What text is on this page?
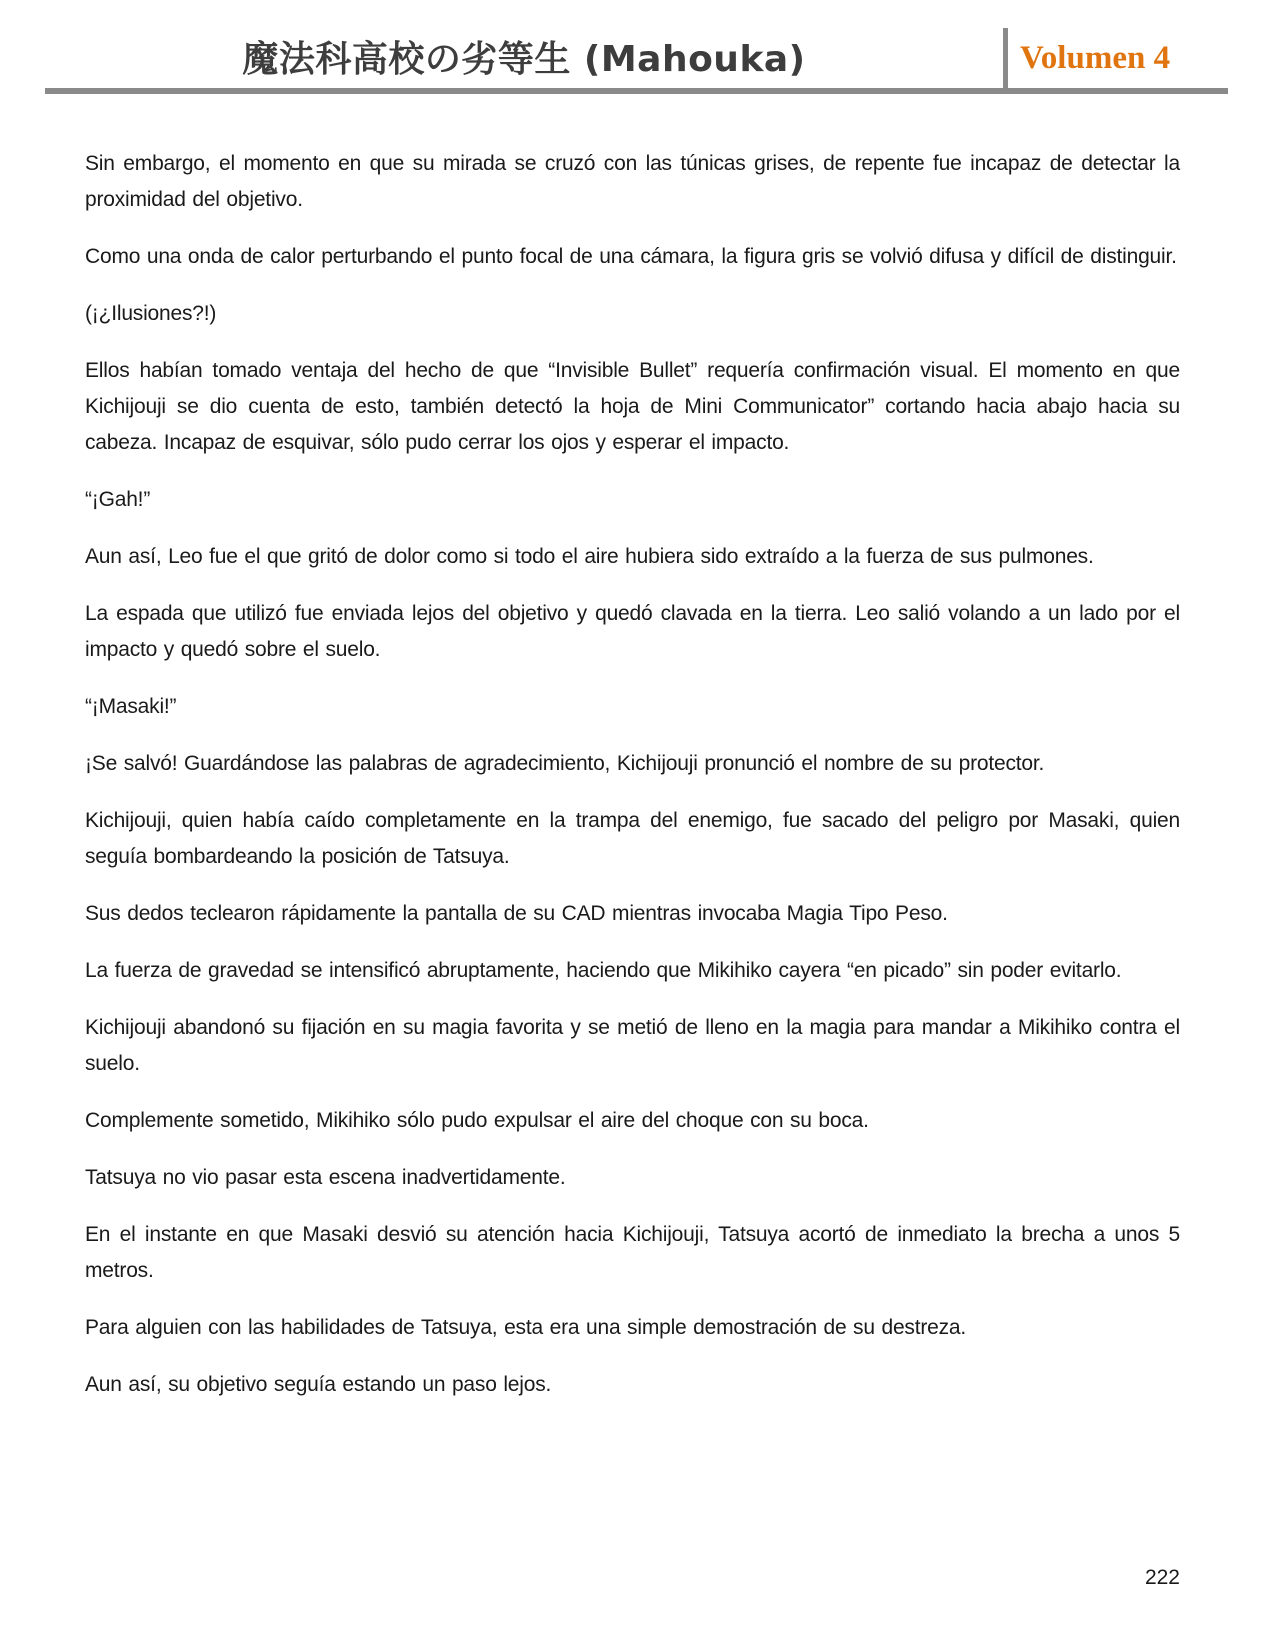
魔法科高校の劣等生 (Mahouka)	Volumen 4

Sin embargo, el momento en que su mirada se cruzó con las túnicas grises, de repente fue incapaz de detectar la proximidad del objetivo.

Como una onda de calor perturbando el punto focal de una cámara, la figura gris se volvió difusa y difícil de distinguir.

(¡¿Ilusiones?!)

Ellos habían tomado ventaja del hecho de que “Invisible Bullet” requería confirmación visual. El momento en que Kichijouji se dio cuenta de esto, también detectó la hoja de Mini Communicator” cortando hacia abajo hacia su cabeza. Incapaz de esquivar, sólo pudo cerrar los ojos y esperar el impacto.

“¡Gah!”

Aun así, Leo fue el que gritó de dolor como si todo el aire hubiera sido extraído a la fuerza de sus pulmones.

La espada que utilizó fue enviada lejos del objetivo y quedó clavada en la tierra. Leo salió volando a un lado por el impacto y quedó sobre el suelo.

“¡Masaki!”

¡Se salvó! Guardándose las palabras de agradecimiento, Kichijouji pronunció el nombre de su protector.

Kichijouji, quien había caído completamente en la trampa del enemigo, fue sacado del peligro por Masaki, quien seguía bombardeando la posición de Tatsuya.

Sus dedos teclearon rápidamente la pantalla de su CAD mientras invocaba Magia Tipo Peso.

La fuerza de gravedad se intensificó abruptamente, haciendo que Mikihiko cayera “en picado” sin poder evitarlo.

Kichijouji abandonó su fijación en su magia favorita y se metió de lleno en la magia para mandar a Mikihiko contra el suelo.

Complemente sometido, Mikihiko sólo pudo expulsar el aire del choque con su boca.

Tatsuya no vio pasar esta escena inadvertidamente.

En el instante en que Masaki desvió su atención hacia Kichijouji, Tatsuya acortó de inmediato la brecha a unos 5 metros.

Para alguien con las habilidades de Tatsuya, esta era una simple demostración de su destreza.

Aun así, su objetivo seguía estando un paso lejos.

222
